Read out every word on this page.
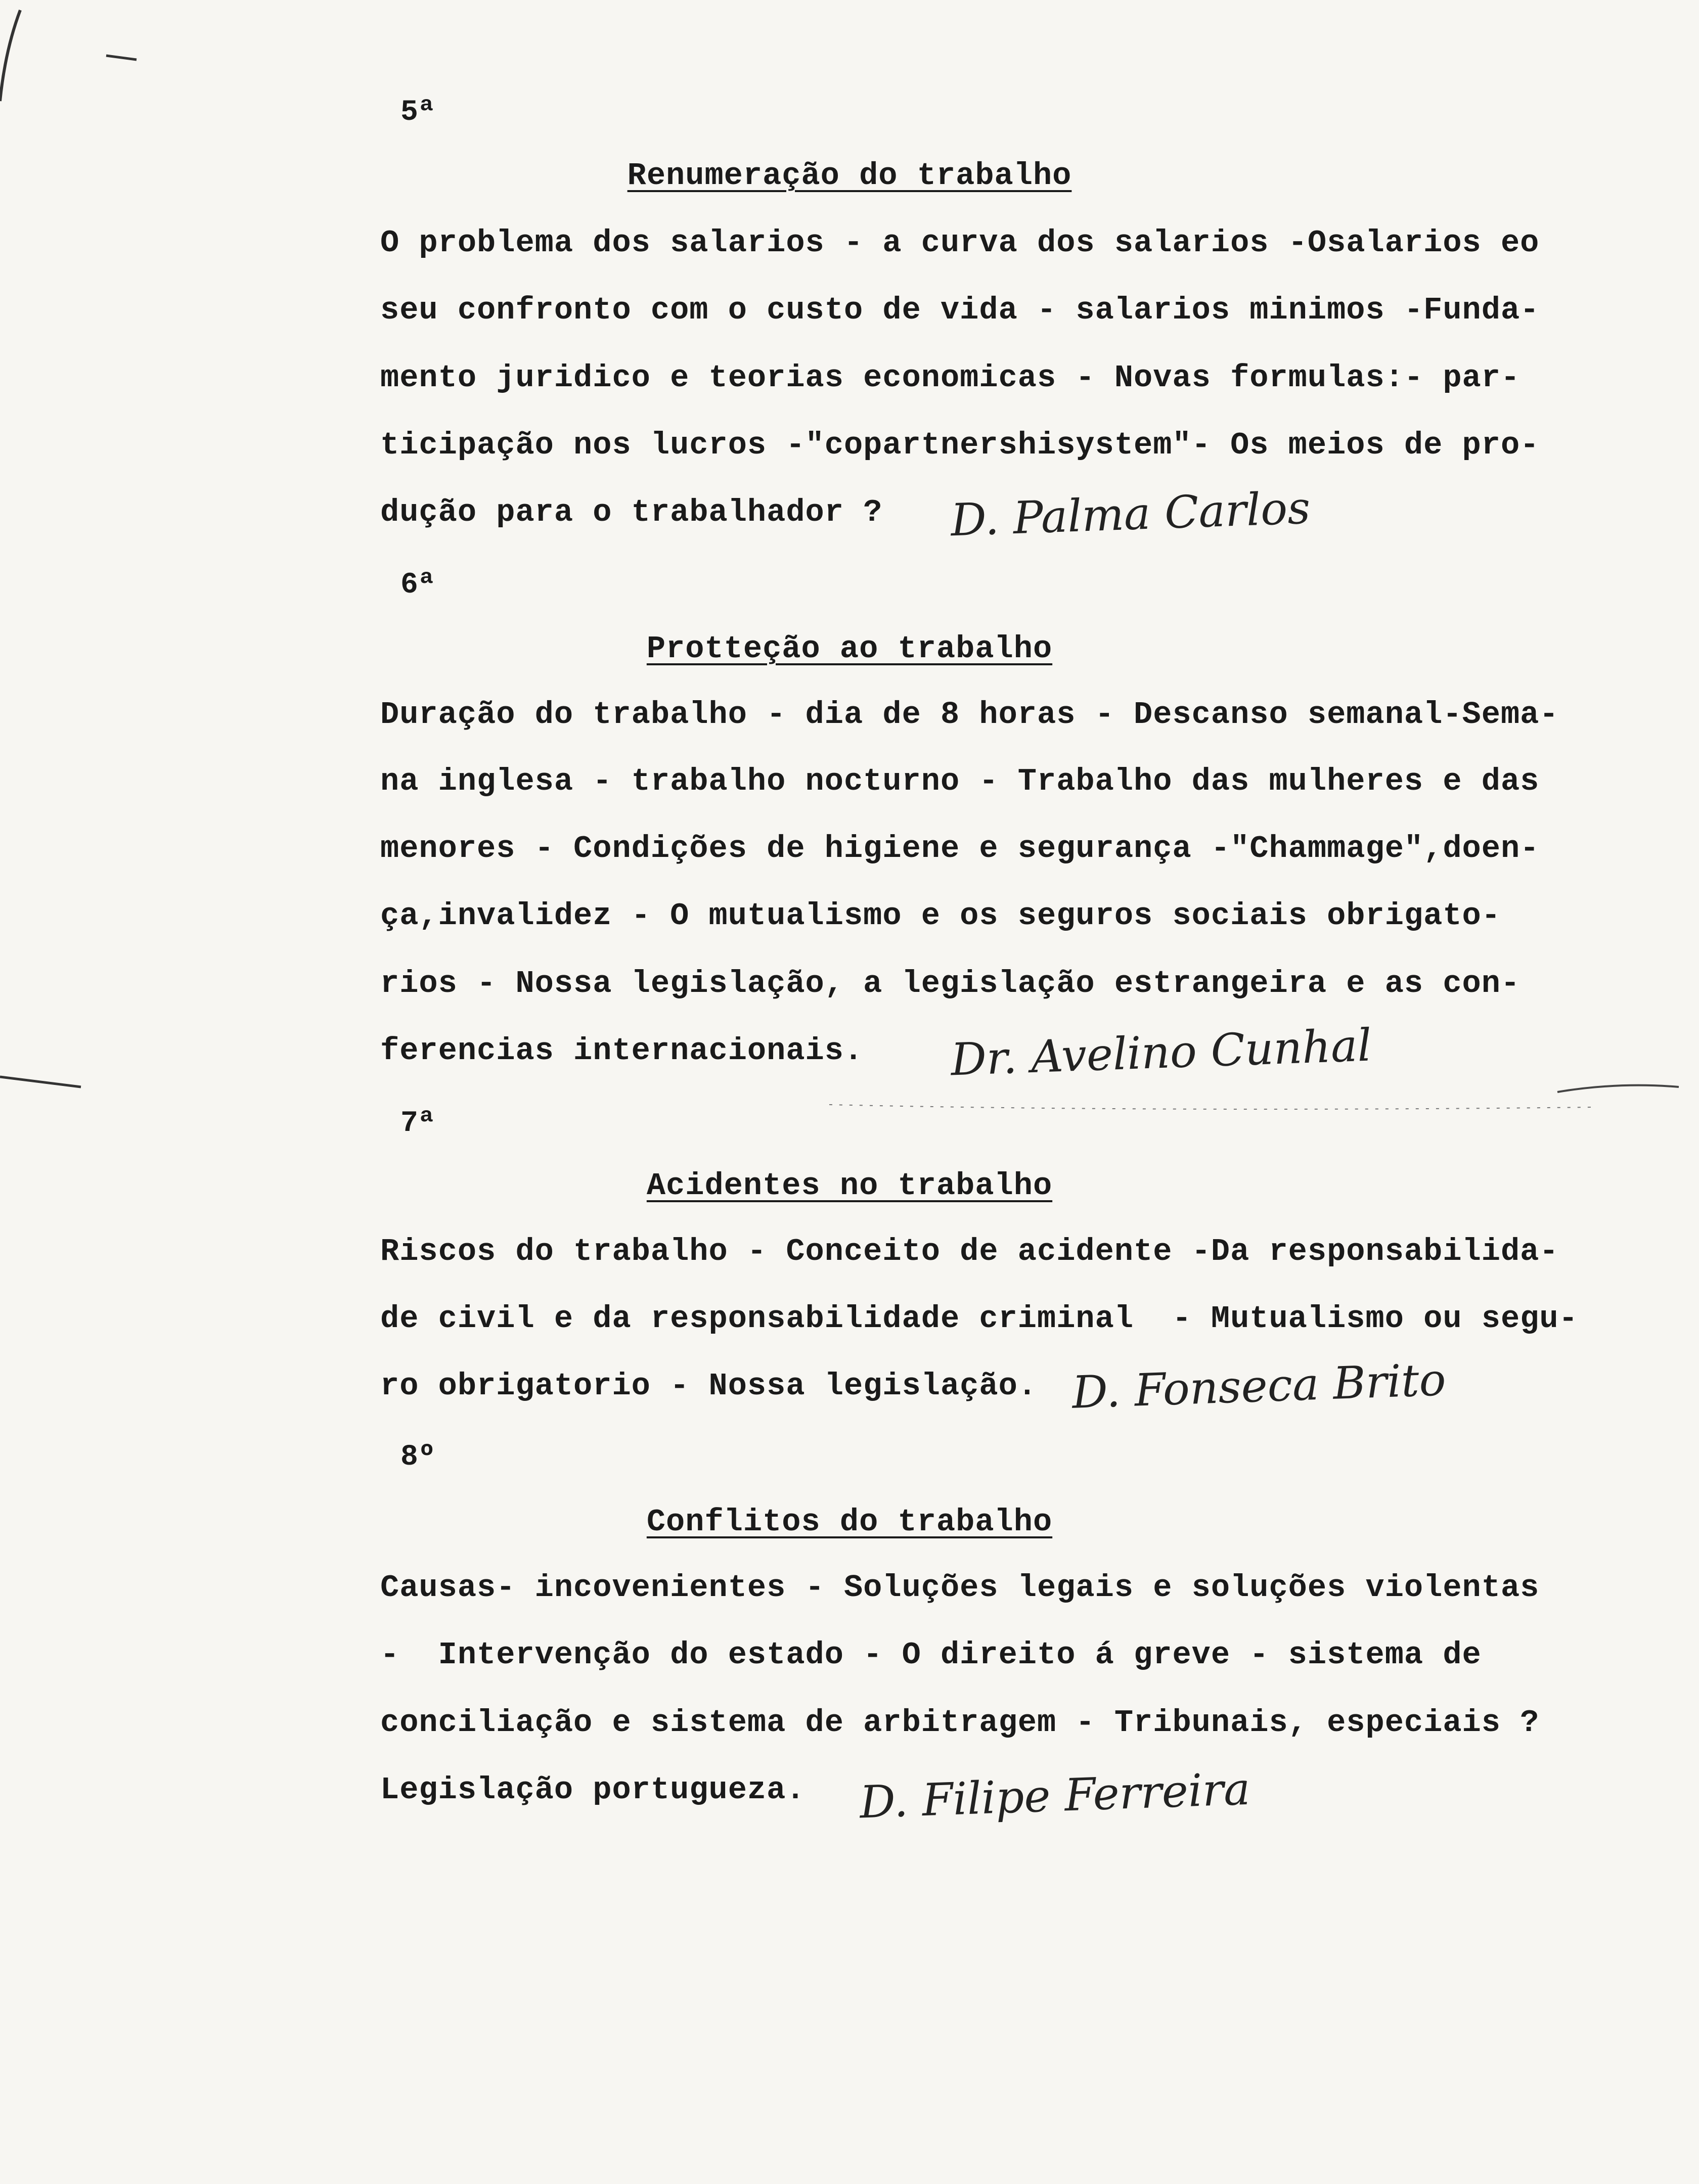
5ª
Renumeração do trabalho
O problema dos salarios - a curva dos salarios -Osalarios eo
seu confronto com o custo de vida - salarios minimos -Funda-
mento juridico e teorias economicas - Novas formulas:- par-
ticipação nos lucros -"copartnershisystem"- Os meios de pro-
dução para o trabalhador ?	D. Palma Carlos
6ª
Protteção ao trabalho
Duração do trabalho - dia de 8 horas - Descanso semanal-Sema-
na inglesa - trabalho nocturno - Trabalho das mulheres e das
menores - Condições de higiene e segurança -"Chammage",doen-
ça,invalidez - O mutualismo e os seguros sociais obrigato-
rios - Nossa legislação, a legislação estrangeira e as con-
ferencias internacionais.	Dr. Avelino Cunhal
7ª
Acidentes no trabalho
Riscos do trabalho - Conceito de acidente -Da responsabilida-
de civil e da responsabilidade criminal  - Mutualismo ou segu-
ro obrigatorio - Nossa legislação. D. Fonseca Brito
8º
Conflitos do trabalho
Causas- incovenientes - Soluções legais e soluções violentas
-  Intervenção do estado - O direito á greve - sistema de
conciliação e sistema de arbitragem - Tribunais, especiais ?
Legislação portugueza.	D. Filipe Ferreira
